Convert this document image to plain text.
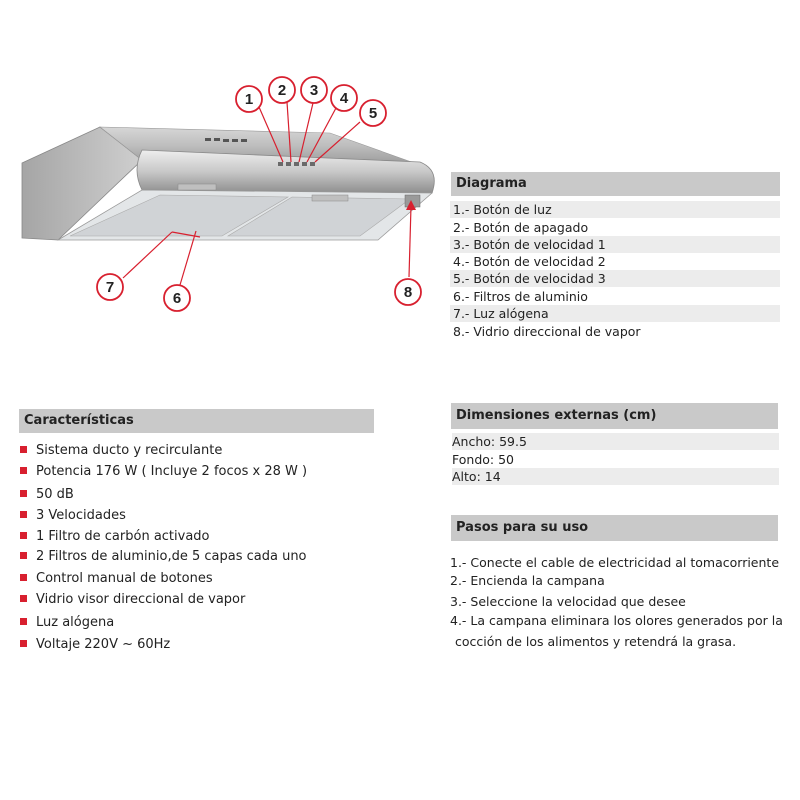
1
2 3 4
5
6
7	8
Diagrama
1.- Botón de luz
2.- Botón de apagado
3.- Botón de velocidad 1
4.- Botón de velocidad 2
5.- Botón de velocidad 3
6.- Filtros de aluminio
7.- Luz alógena
8.- Vidrio direccional de vapor
Características
Sistema ducto y recirculante
Potencia 176 W ( Incluye 2 focos x 28 W )
50 dB
3 Velocidades
1 Filtro de carbón activado
2 Filtros de aluminio,de 5 capas cada uno
Control manual de botones
Vidrio visor direccional de vapor
Luz alógena
Voltaje 220V ~ 60Hz
Dimensiones externas (cm)
Ancho: 59.5
Fondo: 50
Alto: 14
Pasos para su uso
1.- Conecte el cable de electricidad al tomacorriente
2.- Encienda la campana
3.- Seleccione la velocidad que desee
4.- La campana eliminara los olores generados por la
cocción de los alimentos y retendrá la grasa.
